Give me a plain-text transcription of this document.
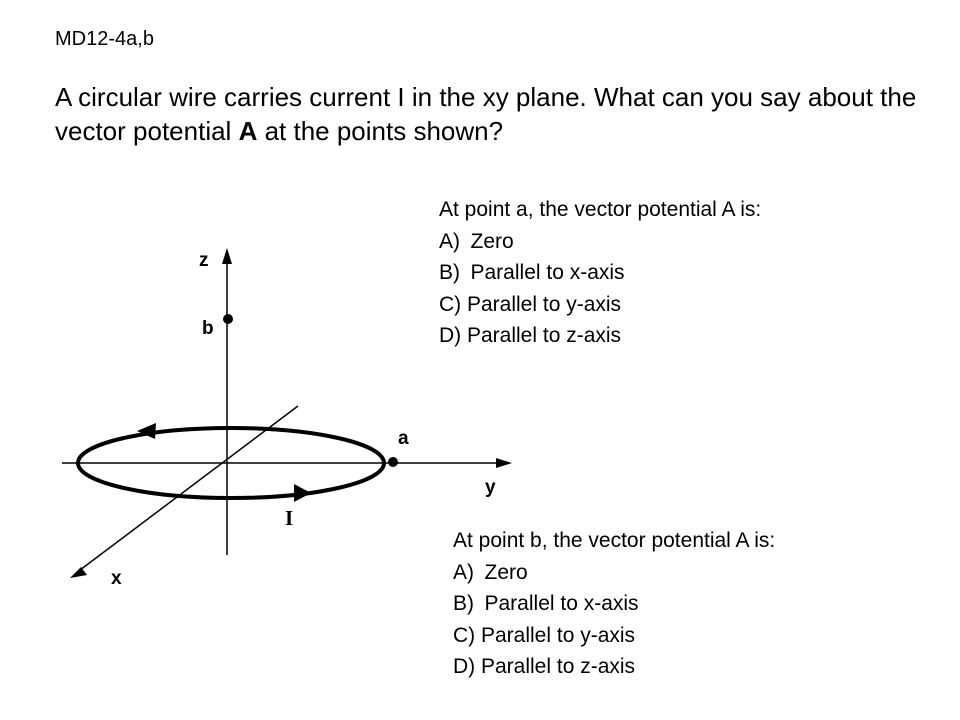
MD12-4a,b
A circular wire carries current I in the xy plane. What can you say about the vector potential A at the points shown?
At point a, the vector potential A is:
A) Zero
B) Parallel to x-axis
C) Parallel to y-axis
D) Parallel to z-axis
At point b, the vector potential A is:
A) Zero
B) Parallel to x-axis
C) Parallel to y-axis
D) Parallel to z-axis
z
y
x
b
a
I
